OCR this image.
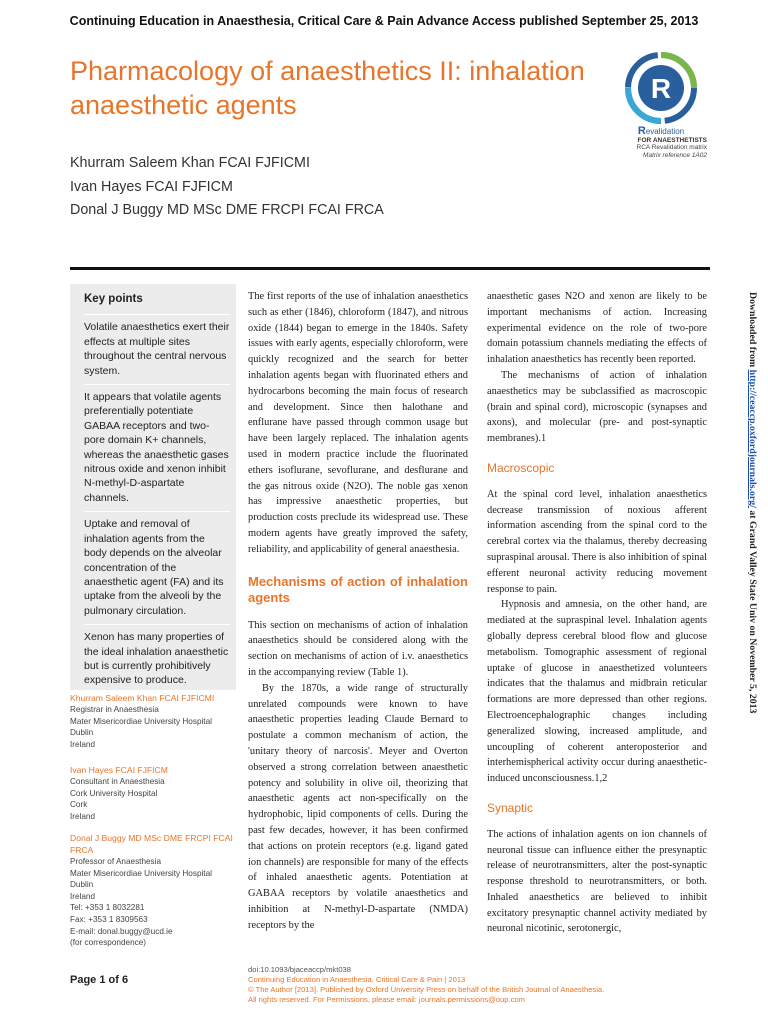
Continuing Education in Anaesthesia, Critical Care & Pain Advance Access published September 25, 2013
Pharmacology of anaesthetics II: inhalation
anaesthetic agents
R
Revalidation
FOR ANAESTHETISTS
RCA Revalidation matrix
Matrix reference 1A02
Khurram Saleem Khan FCAI FJFICMI
Ivan Hayes FCAI FJFICM
Donal J Buggy MD MSc DME FRCPI FCAI FRCA
Key points
Volatile anaesthetics exert their effects at multiple sites throughout the central nervous system.
It appears that volatile agents preferentially potentiate GABAA receptors and two-pore domain K+ channels, whereas the anaesthetic gases nitrous oxide and xenon inhibit N-methyl-D-aspartate channels.
Uptake and removal of inhalation agents from the body depends on the alveolar concentration of the anaesthetic agent (FA) and its uptake from the alveoli by the pulmonary circulation.
Xenon has many properties of the ideal inhalation anaesthetic but is currently prohibitively expensive to produce.
Khurram Saleem Khan FCAI FJFICMI
Registrar in Anaesthesia
Mater Misericordiae University Hospital
Dublin
Ireland
Ivan Hayes FCAI FJFICM
Consultant in Anaesthesia
Cork University Hospital
Cork
Ireland
Donal J Buggy MD MSc DME FRCPI FCAI FRCA
Professor of Anaesthesia
Mater Misericordiae University Hospital
Dublin
Ireland
Tel: +353 1 8032281
Fax: +353 1 8309563
E-mail: donal.buggy@ucd.ie
(for correspondence)

The first reports of the use of inhalation anaesthetics such as ether (1846), chloroform (1847), and nitrous oxide (1844) began to emerge in the 1840s. Safety issues with early agents, especially chloroform, were quickly recognized and the search for better inhalation agents began with fluorinated ethers and hydrocarbons becoming the main focus of research and development. Since then halothane and enflurane have passed through common usage but have been largely replaced. The inhalation agents used in modern practice include the fluorinated ethers isoflurane, sevoflurane, and desflurane and the gas nitrous oxide (N2O). The noble gas xenon has impressive anaesthetic properties, but production costs preclude its widespread use. These modern agents have greatly improved the safety, reliability, and applicability of general anaesthesia.

Mechanisms of action of inhalation agents

This section on mechanisms of action of inhalation anaesthetics should be considered along with the section on mechanisms of action of i.v. anaesthetics in the accompanying review (Table 1).

By the 1870s, a wide range of structurally unrelated compounds were known to have anaesthetic properties leading Claude Bernard to postulate a common mechanism of action, the 'unitary theory of narcosis'. Meyer and Overton observed a strong correlation between anaesthetic potency and solubility in olive oil, theorizing that anaesthetic agents act non-specifically on the hydrophobic, lipid components of cells. During the past few decades, however, it has been confirmed that actions on protein receptors (e.g. ligand gated ion channels) are responsible for many of the effects of inhaled anaesthetic agents. Potentiation at GABAA receptors by volatile anaesthetics and inhibition at N-methyl-D-aspartate (NMDA) receptors by the

anaesthetic gases N2O and xenon are likely to be important mechanisms of action. Increasing experimental evidence on the role of two-pore domain potassium channels mediating the effects of inhalation anaesthetics has recently been reported.

The mechanisms of action of inhalation anaesthetics may be subclassified as macroscopic (brain and spinal cord), microscopic (synapses and axons), and molecular (pre- and post-synaptic membranes).1

Macroscopic

At the spinal cord level, inhalation anaesthetics decrease transmission of noxious afferent information ascending from the spinal cord to the cerebral cortex via the thalamus, thereby decreasing supraspinal arousal. There is also inhibition of spinal efferent neuronal activity reducing movement response to pain.

Hypnosis and amnesia, on the other hand, are mediated at the supraspinal level. Inhalation agents globally depress cerebral blood flow and glucose metabolism. Tomographic assessment of regional uptake of glucose in anaesthetized volunteers indicates that the thalamus and midbrain reticular formations are more depressed than other regions. Electroencephalographic changes including generalized slowing, increased amplitude, and uncoupling of coherent anteroposterior and interhemispherical activity occur during anaesthetic-induced unconsciousness.1,2

Synaptic

The actions of inhalation agents on ion channels of neuronal tissue can influence either the presynaptic release of neurotransmitters, alter the post-synaptic response threshold to neurotransmitters, or both. Inhaled anaesthetics are believed to inhibit excitatory presynaptic channel activity mediated by neuronal nicotinic, serotonergic,

Page 1 of 6
doi:10.1093/bjaceaccp/mkt038
Continuing Education in Anaesthesia, Critical Care & Pain | 2013
© The Author [2013]. Published by Oxford University Press on behalf of the British Journal of Anaesthesia.
All rights reserved. For Permissions, please email: journals.permissions@oup.com
Downloaded from http://ceaccp.oxfordjournals.org/ at Grand Valley State Univ on November 5, 2013
